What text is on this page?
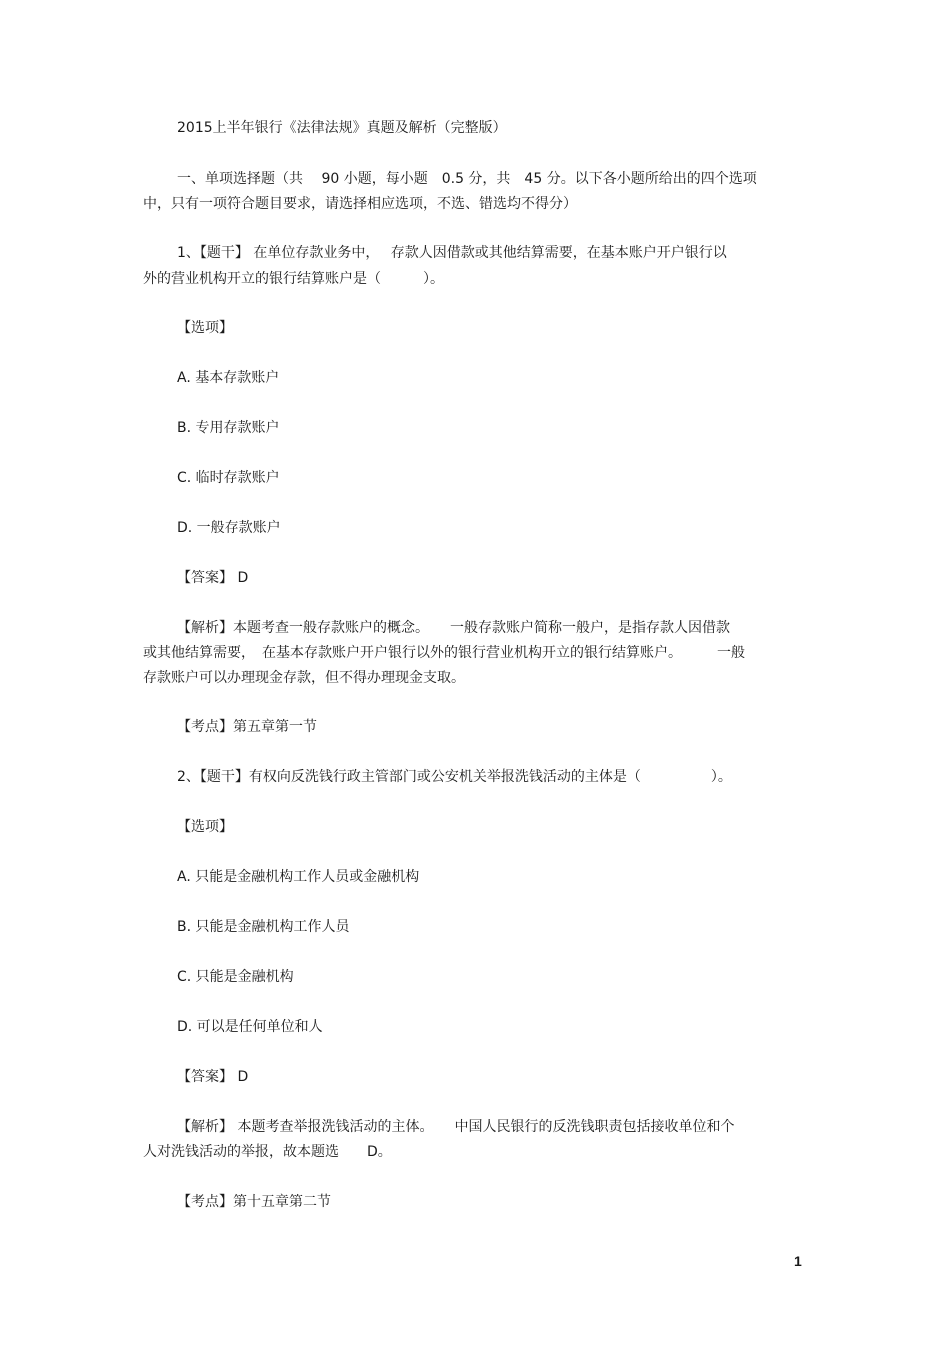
2015上半年银行《法律法规》真题及解析（完整版）
一、单项选择题（共　 90 小题，每小题　0.5 分，共　45 分。以下各小题所给出的四个选项
中，只有一项符合题目要求，请选择相应选项，不选、错选均不得分）
1、【题干】 在单位存款业务中，　 存款人因借款或其他结算需要，在基本账户开户银行以
外的营业机构开立的银行结算账户是（　　　）。
【选项】
A. 基本存款账户
B. 专用存款账户
C. 临时存款账户
D. 一般存款账户
【答案】 D
【解析】本题考查一般存款账户的概念。　　一般存款账户简称一般户，是指存款人因借款
或其他结算需要，　在基本存款账户开户银行以外的银行营业机构开立的银行结算账户。　　　一般
存款账户可以办理现金存款，但不得办理现金支取。
【考点】第五章第一节
2、【题干】有权向反洗钱行政主管部门或公安机关举报洗钱活动的主体是（　　　　　）。
【选项】
A. 只能是金融机构工作人员或金融机构
B. 只能是金融机构工作人员
C. 只能是金融机构
D. 可以是任何单位和人
【答案】 D
【解析】 本题考查举报洗钱活动的主体。　　中国人民银行的反洗钱职责包括接收单位和个
人对洗钱活动的举报，故本题选　　D。
【考点】第十五章第二节
1
